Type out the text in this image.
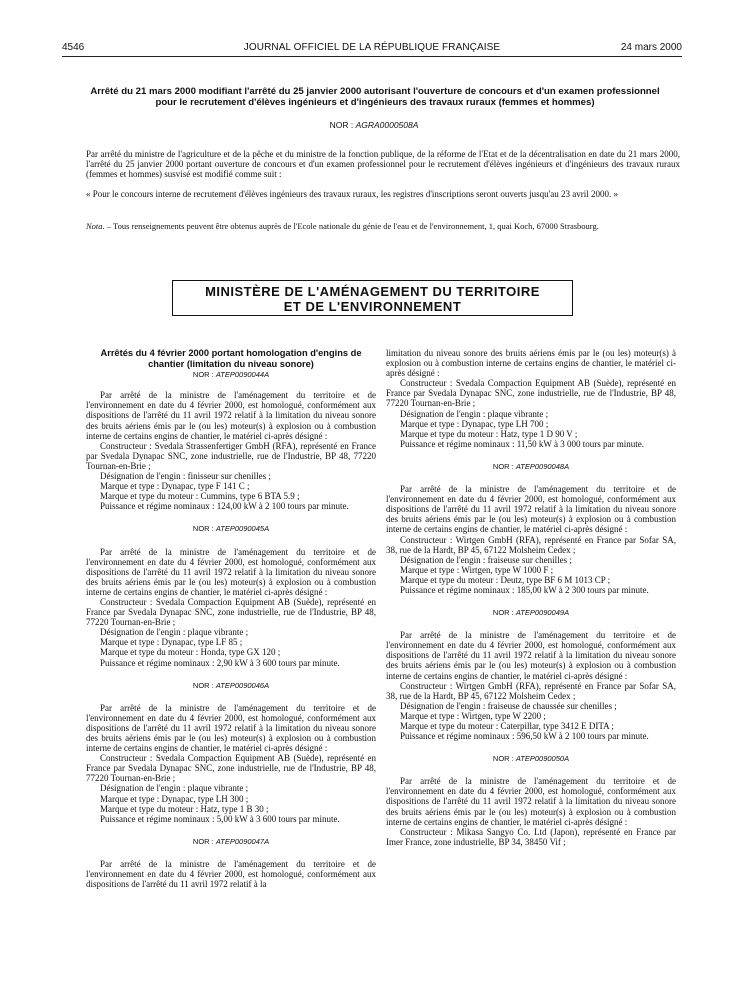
4546	JOURNAL OFFICIEL DE LA RÉPUBLIQUE FRANÇAISE	24 mars 2000
Arrêté du 21 mars 2000 modifiant l'arrêté du 25 janvier 2000 autorisant l'ouverture de concours et d'un examen professionnel pour le recrutement d'élèves ingénieurs et d'ingénieurs des travaux ruraux (femmes et hommes)
NOR : AGRA0000508A

Par arrêté du ministre de l'agriculture et de la pêche et du ministre de la fonction publique, de la réforme de l'Etat et de la décentralisation en date du 21 mars 2000, l'arrêté du 25 janvier 2000 portant ouverture de concours et d'un examen professionnel pour le recrutement d'élèves ingénieurs et d'ingénieurs des travaux ruraux (femmes et hommes) susvisé est modifié comme suit :

« Pour le concours interne de recrutement d'élèves ingénieurs des travaux ruraux, les registres d'inscriptions seront ouverts jusqu'au 23 avril 2000. »

Nota. – Tous renseignements peuvent être obtenus auprès de l'Ecole nationale du génie de l'eau et de l'environnement, 1, quai Koch, 67000 Strasbourg.

MINISTÈRE DE L'AMÉNAGEMENT DU TERRITOIRE
ET DE L'ENVIRONNEMENT

Arrêtés du 4 février 2000 portant homologation d'engins de chantier (limitation du niveau sonore)

NOR : ATEP0090044A

Par arrêté de la ministre de l'aménagement du territoire et de l'environnement en date du 4 février 2000, est homologué, conformément aux dispositions de l'arrêté du 11 avril 1972 relatif à la limitation du niveau sonore des bruits aériens émis par le (ou les) moteur(s) à explosion ou à combustion interne de certains engins de chantier, le matériel ci-après désigné :

Constructeur : Svedala Strassenfertiger GmbH (RFA), représenté en France par Svedala Dynapac SNC, zone industrielle, rue de l'Industrie, BP 48, 77220 Tournan-en-Brie ;

Désignation de l'engin : finisseur sur chenilles ;

Marque et type : Dynapac, type F 141 C ;

Marque et type du moteur : Cummins, type 6 BTA 5.9 ;

Puissance et régime nominaux : 124,00 kW à 2 100 tours par minute.

NOR : ATEP0090045A

Par arrêté de la ministre de l'aménagement du territoire et de l'environnement en date du 4 février 2000, est homologué, conformément aux dispositions de l'arrêté du 11 avril 1972 relatif à la limitation du niveau sonore des bruits aériens émis par le (ou les) moteur(s) à explosion ou à combustion interne de certains engins de chantier, le matériel ci-après désigné :

Constructeur : Svedala Compaction Equipment AB (Suède), représenté en France par Svedala Dynapac SNC, zone industrielle, rue de l'Industrie, BP 48, 77220 Tournan-en-Brie ;

Désignation de l'engin : plaque vibrante ;

Marque et type : Dynapac, type LF 85 ;

Marque et type du moteur : Honda, type GX 120 ;

Puissance et régime nominaux : 2,90 kW à 3 600 tours par minute.

NOR : ATEP0090046A

Par arrêté de la ministre de l'aménagement du territoire et de l'environnement en date du 4 février 2000, est homologué, conformément aux dispositions de l'arrêté du 11 avril 1972 relatif à la limitation du niveau sonore des bruits aériens émis par le (ou les) moteur(s) à explosion ou à combustion interne de certains engins de chantier, le matériel ci-après désigné :

Constructeur : Svedala Compaction Equipment AB (Suède), représenté en France par Svedala Dynapac SNC, zone industrielle, rue de l'Industrie, BP 48, 77220 Tournan-en-Brie ;

Désignation de l'engin : plaque vibrante ;

Marque et type : Dynapac, type LH 300 ;

Marque et type du moteur : Hatz, type 1 B 30 ;

Puissance et régime nominaux : 5,00 kW à 3 600 tours par minute.

NOR : ATEP0090047A

Par arrêté de la ministre de l'aménagement du territoire et de l'environnement en date du 4 février 2000, est homologué, conformément aux dispositions de l'arrêté du 11 avril 1972 relatif à la

limitation du niveau sonore des bruits aériens émis par le (ou les) moteur(s) à explosion ou à combustion interne de certains engins de chantier, le matériel ci-après désigné :

Constructeur : Svedala Compaction Equipment AB (Suède), représenté en France par Svedala Dynapac SNC, zone industrielle, rue de l'Industrie, BP 48, 77220 Tournan-en-Brie ;

Désignation de l'engin : plaque vibrante ;

Marque et type : Dynapac, type LH 700 ;

Marque et type du moteur : Hatz, type 1 D 90 V ;

Puissance et régime nominaux : 11,50 kW à 3 000 tours par minute.

NOR : ATEP0090048A

Par arrêté de la ministre de l'aménagement du territoire et de l'environnement en date du 4 février 2000, est homologué, conformément aux dispositions de l'arrêté du 11 avril 1972 relatif à la limitation du niveau sonore des bruits aériens émis par le (ou les) moteur(s) à explosion ou à combustion interne de certains engins de chantier, le matériel ci-après désigné :

Constructeur : Wirtgen GmbH (RFA), représenté en France par Sofar SA, 38, rue de la Hardt, BP 45, 67122 Molsheim Cedex ;

Désignation de l'engin : fraiseuse sur chenilles ;

Marque et type : Wirtgen, type W 1000 F ;

Marque et type du moteur : Deutz, type BF 6 M 1013 CP ;

Puissance et régime nominaux : 185,00 kW à 2 300 tours par minute.

NOR : ATEP0090049A

Par arrêté de la ministre de l'aménagement du territoire et de l'environnement en date du 4 février 2000, est homologué, conformément aux dispositions de l'arrêté du 11 avril 1972 relatif à la limitation du niveau sonore des bruits aériens émis par le (ou les) moteur(s) à explosion ou à combustion interne de certains engins de chantier, le matériel ci-après désigné :

Constructeur : Wirtgen GmbH (RFA), représenté en France par Sofar SA, 38, rue de la Hardt, BP 45, 67122 Molsheim Cedex ;

Désignation de l'engin : fraiseuse de chaussée sur chenilles ;

Marque et type : Wirtgen, type W 2200 ;

Marque et type du moteur : Caterpillar, type 3412 E DITA ;

Puissance et régime nominaux : 596,50 kW à 2 100 tours par minute.

NOR : ATEP0090050A

Par arrêté de la ministre de l'aménagement du territoire et de l'environnement en date du 4 février 2000, est homologué, conformément aux dispositions de l'arrêté du 11 avril 1972 relatif à la limitation du niveau sonore des bruits aériens émis par le (ou les) moteur(s) à explosion ou à combustion interne de certains engins de chantier, le matériel ci-après désigné :

Constructeur : Mikasa Sangyo Co. Ltd (Japon), représenté en France par Imer France, zone industrielle, BP 34, 38450 Vif ;
